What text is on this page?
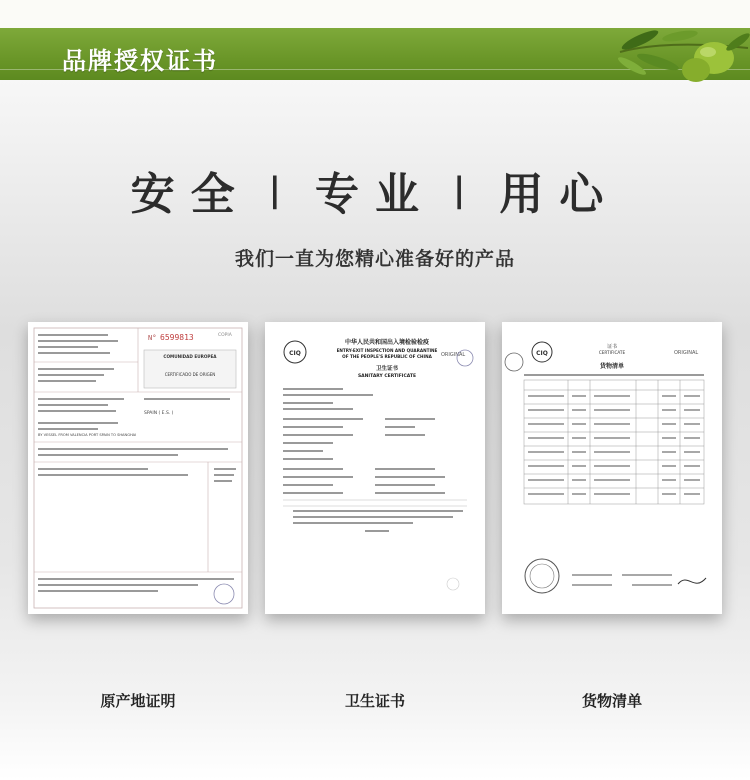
品牌授权证书
安全 | 专业 | 用心
我们一直为您精心准备好的产品
N° 6599813	COPIA
COMUNIDAD EUROPEA
CERTIFICADO DE ORIGEN
SPAIN ( E.S. )
BY VESSEL FROM VALENCIA PORT SPAIN TO SHANGHAI
CIQ
中华人民共和国出入境检验检疫
ENTRY-EXIT INSPECTION AND QUARANTINE
OF THE PEOPLE'S REPUBLIC OF CHINA
卫生证书
SANITARY CERTIFICATE
ORIGINAL	CIQ
证书
CERTIFICATE
货物清单
ORIGINAL
原产地证明	卫生证书	货物清单
